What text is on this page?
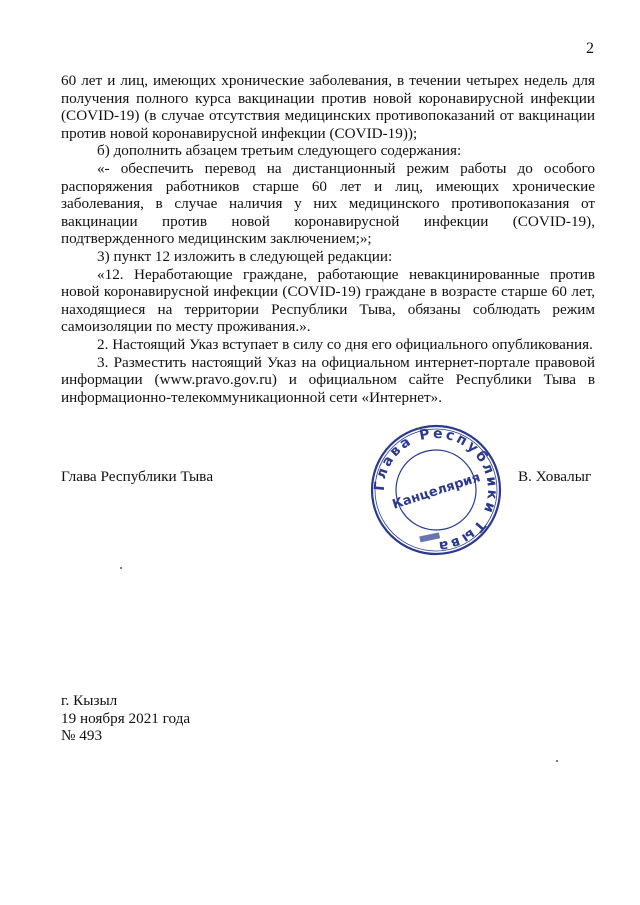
2

60 лет и лиц, имеющих хронические заболевания, в течении четырех недель для получения полного курса вакцинации против новой коронавирусной инфекции (COVID-19) (в случае отсутствия медицинских противопоказаний от вакцинации против новой коронавирусной инфекции (COVID-19));

б) дополнить абзацем третьим следующего содержания:

«- обеспечить перевод на дистанционный режим работы до особого распоряжения работников старше 60 лет и лиц, имеющих хронические заболевания, в случае наличия у них медицинского противопоказания от вакцинации против новой коронавирусной инфекции (COVID-19), подтвержденного медицинским заключением;»;

3) пункт 12 изложить в следующей редакции:

«12. Неработающие граждане, работающие невакцинированные против новой коронавирусной инфекции (COVID-19) граждане в возрасте старше 60 лет, находящиеся на территории Республики Тыва, обязаны соблюдать режим самоизоляции по месту проживания.».

2. Настоящий Указ вступает в силу со дня его официального опубликования.

3. Разместить настоящий Указ на официальном интернет-портале правовой информации (www.pravo.gov.ru) и официальном сайте Республики Тыва в информационно-телекоммуникационной сети «Интернет».

Глава Республики Тывa	В. Ховалыг
Глава Республики Тыва
Канцелярия
г. Кызыл
19 ноября 2021 года
№ 493
